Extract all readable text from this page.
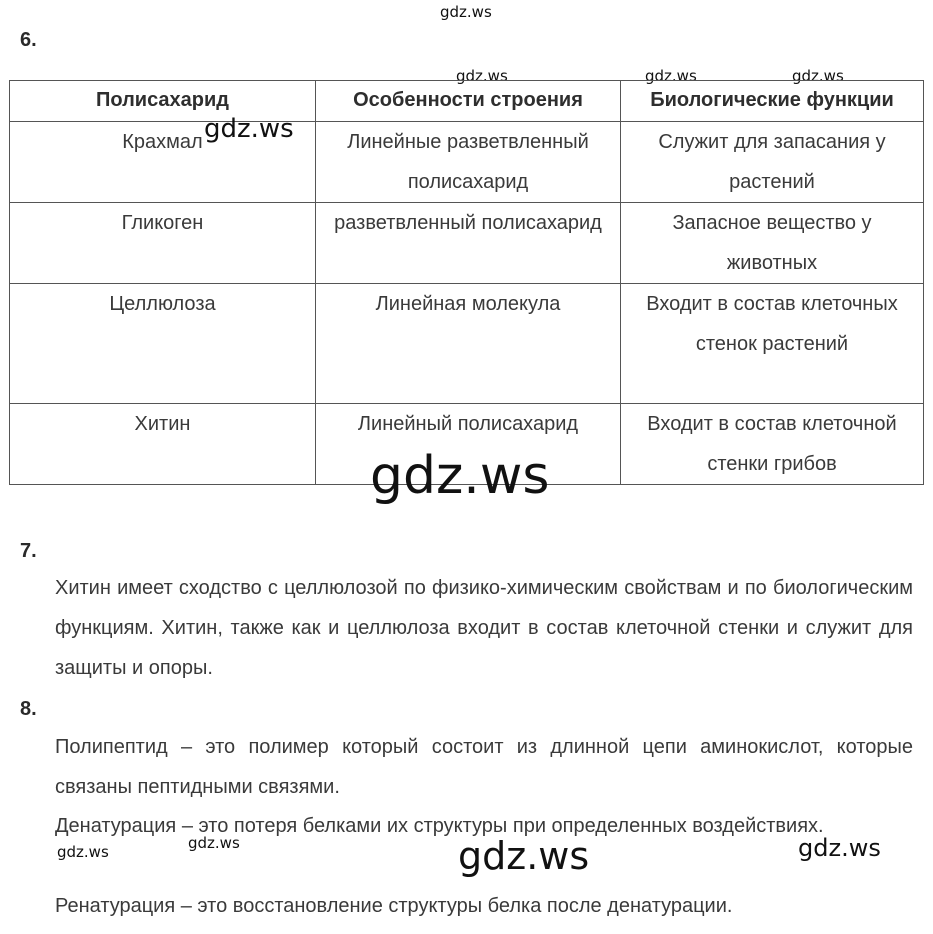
gdz.ws
6.
gdz.ws	gdz.ws	gdz.ws
Полисахарид	Особенности строения	Биологические функции
Крахмал	Линейные разветвленный полисахарид	Служит для запасания у растений
Гликоген	разветвленный полисахарид	Запасное вещество у животных
Целлюлоза	Линейная молекула	Входит в состав клеточных стенок растений
Хитин	Линейный полисахарид	Входит в состав клеточной стенки грибов
gdz.ws
gdz.ws
7.
Хитин имеет сходство с целлюлозой по физико-химическим свойствам и по биологическим функциям. Хитин, также как и целлюлоза входит в состав клеточной стенки и служит для защиты и опоры.
8.
Полипептид – это полимер который состоит из длинной цепи аминокислот, которые связаны пептидными связями.
Денатурация – это потеря белками их структуры при определенных воздействиях.
Ренатурация – это восстановление структуры белка после денатурации.
gdz.ws	gdz.ws	gdz.ws	gdz.ws
